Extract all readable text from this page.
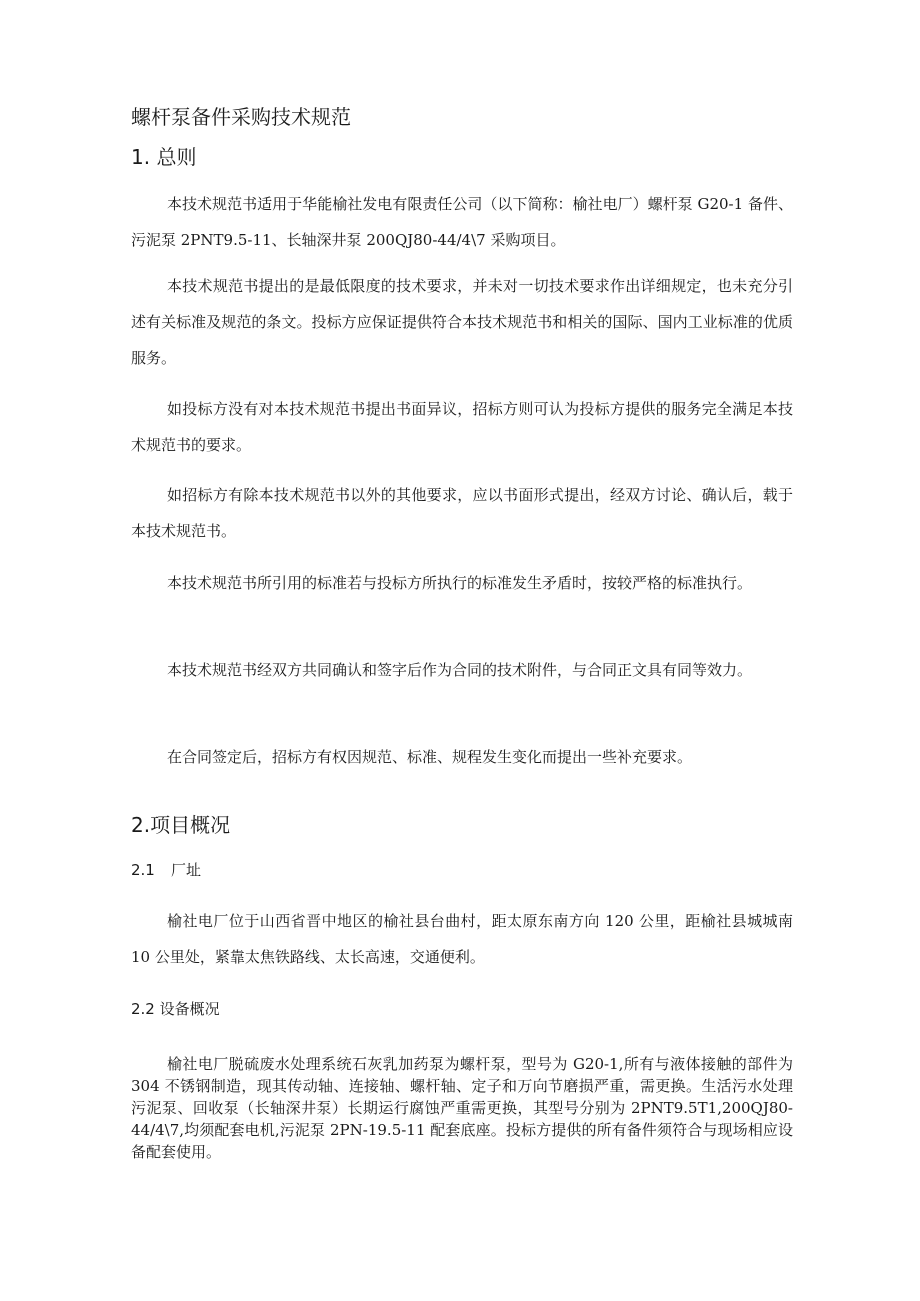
螺杆泵备件采购技术规范

1. 总则

本技术规范书适用于华能榆社发电有限责任公司（以下简称：榆社电厂）螺杆泵 G20-1 备件、污泥泵 2PNT9.5-11、长轴深井泵 200QJ80-44/4\7 采购项目。

本技术规范书提出的是最低限度的技术要求，并未对一切技术要求作出详细规定，也未充分引述有关标准及规范的条文。投标方应保证提供符合本技术规范书和相关的国际、国内工业标准的优质服务。

如投标方没有对本技术规范书提出书面异议，招标方则可认为投标方提供的服务完全满足本技术规范书的要求。

如招标方有除本技术规范书以外的其他要求，应以书面形式提出，经双方讨论、确认后，载于本技术规范书。

本技术规范书所引用的标准若与投标方所执行的标准发生矛盾时，按较严格的标准执行。

本技术规范书经双方共同确认和签字后作为合同的技术附件，与合同正文具有同等效力。

在合同签定后，招标方有权因规范、标准、规程发生变化而提出一些补充要求。

2.项目概况

2.1 厂址

榆社电厂位于山西省晋中地区的榆社县台曲村，距太原东南方向 120 公里，距榆社县城城南 10 公里处，紧靠太焦铁路线、太长高速，交通便利。

2.2 设备概况

榆社电厂脱硫废水处理系统石灰乳加药泵为螺杆泵，型号为 G20-1,所有与液体接触的部件为 304 不锈钢制造，现其传动轴、连接轴、螺杆轴、定子和万向节磨损严重，需更换。生活污水处理污泥泵、回收泵（长轴深井泵）长期运行腐蚀严重需更换，其型号分别为 2PNT9.5T1,200QJ80-44/4\7,均须配套电机,污泥泵 2PN-19.5-11 配套底座。投标方提供的所有备件须符合与现场相应设备配套使用。
